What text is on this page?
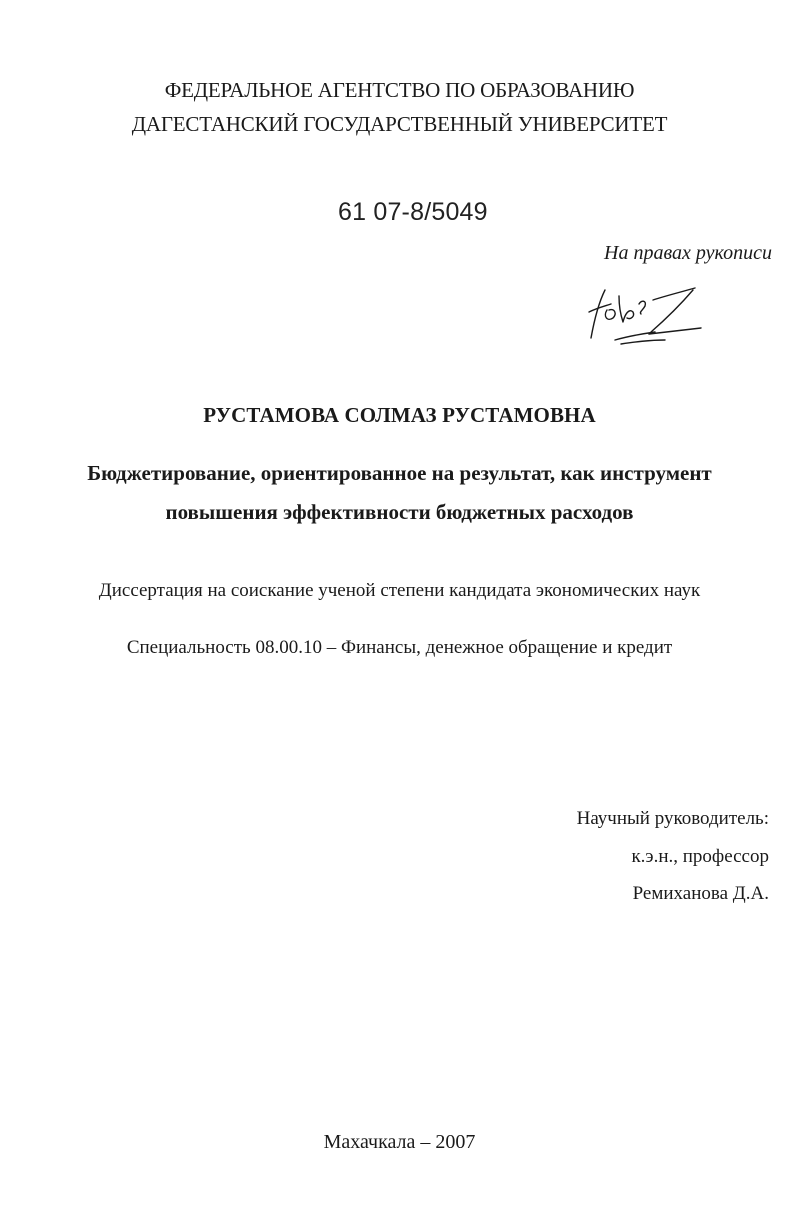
ФЕДЕРАЛЬНОЕ АГЕНТСТВО ПО ОБРАЗОВАНИЮ
ДАГЕСТАНСКИЙ ГОСУДАРСТВЕННЫЙ УНИВЕРСИТЕТ
61 07-8/5049
На правах рукописи
РУСТАМОВА СОЛМАЗ РУСТАМОВНА
Бюджетирование, ориентированное на результат, как инструмент
повышения эффективности бюджетных расходов
Диссертация на соискание ученой степени кандидата экономических наук
Специальность 08.00.10 – Финансы, денежное обращение и кредит
Научный руководитель:
к.э.н., профессор
Ремиханова Д.А.
Махачкала – 2007
